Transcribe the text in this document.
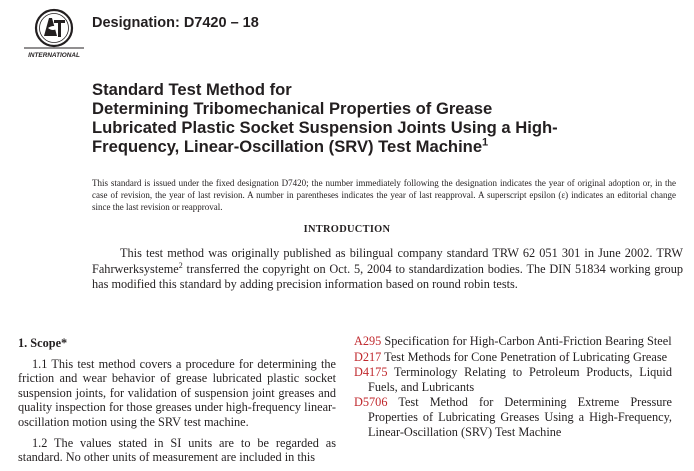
INTERNATIONAL
Designation: D7420 – 18
Standard Test Method for
Determining Tribomechanical Properties of Grease
Lubricated Plastic Socket Suspension Joints Using a High-
Frequency, Linear-Oscillation (SRV) Test Machine$^1$
This standard is issued under the fixed designation D7420; the number immediately following the designation indicates the year of original adoption or, in the case of revision, the year of last revision. A number in parentheses indicates the year of last reapproval. A superscript epsilon (ε) indicates an editorial change since the last revision or reapproval.
INTRODUCTION

This test method was originally published as bilingual company standard TRW 62 051 301 in June 2002. TRW Fahrwerksysteme$^2$ transferred the copyright on Oct. 5, 2004 to standardization bodies. The DIN 51834 working group has modified this standard by adding precision information based on round robin tests.

1. Scope*

1.1 This test method covers a procedure for determining the friction and wear behavior of grease lubricated plastic socket suspension joints, for validation of suspension joint greases and quality inspection for those greases under high-frequency linear-oscillation motion using the SRV test machine.

1.2 The values stated in SI units are to be regarded as standard. No other units of measurement are included in this

A295 Specification for High-Carbon Anti-Friction Bearing Steel
D217 Test Methods for Cone Penetration of Lubricating Grease
D4175 Terminology Relating to Petroleum Products, Liquid Fuels, and Lubricants
D5706 Test Method for Determining Extreme Pressure Properties of Lubricating Greases Using a High-Frequency, Linear-Oscillation (SRV) Test Machine
